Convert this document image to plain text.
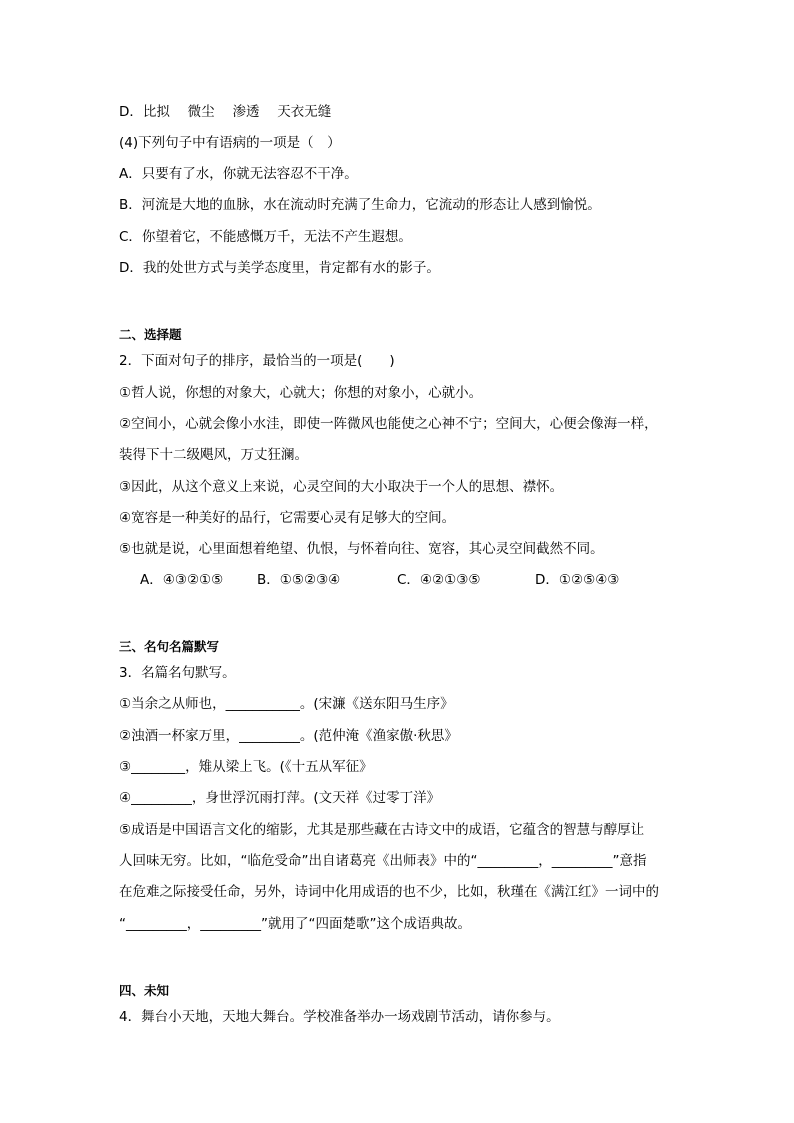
D．比拟　 微尘　 渗透　 天衣无缝
(4)下列句子中有语病的一项是（　）
A．只要有了水，你就无法容忍不干净。
B．河流是大地的血脉，水在流动时充满了生命力，它流动的形态让人感到愉悦。
C．你望着它，不能感慨万千，无法不产生遐想。
D．我的处世方式与美学态度里，肯定都有水的影子。
二、选择题
2．下面对句子的排序，最恰当的一项是(　　)
①哲人说，你想的对象大，心就大；你想的对象小，心就小。
②空间小，心就会像小水洼，即使一阵微风也能使之心神不宁；空间大，心便会像海一样，
装得下十二级飓风，万丈狂澜。
③因此，从这个意义上来说，心灵空间的大小取决于一个人的思想、襟怀。
④宽容是一种美好的品行，它需要心灵有足够大的空间。
⑤也就是说，心里面想着绝望、仇恨，与怀着向往、宽容，其心灵空间截然不同。
A．④③②①⑤	B．①⑤②③④	C．④②①③⑤	D．①②⑤④③
三、名句名篇默写
3．名篇名句默写。
①当余之从师也，___________。(宋濂《送东阳马生序》
②浊酒一杯家万里，_________。(范仲淹《渔家傲·秋思》
③________，雉从梁上飞。(《十五从军征》
④_________，身世浮沉雨打萍。(文天祥《过零丁洋》
⑤成语是中国语言文化的缩影，尤其是那些藏在古诗文中的成语，它蕴含的智慧与醇厚让
人回味无穷。比如，“临危受命”出自诸葛亮《出师表》中的“_________，_________”意指
在危难之际接受任命，另外，诗词中化用成语的也不少，比如，秋瑾在《满江红》一词中的
“_________，_________”就用了“四面楚歌”这个成语典故。
四、未知
4．舞台小天地，天地大舞台。学校准备举办一场戏剧节活动，请你参与。
